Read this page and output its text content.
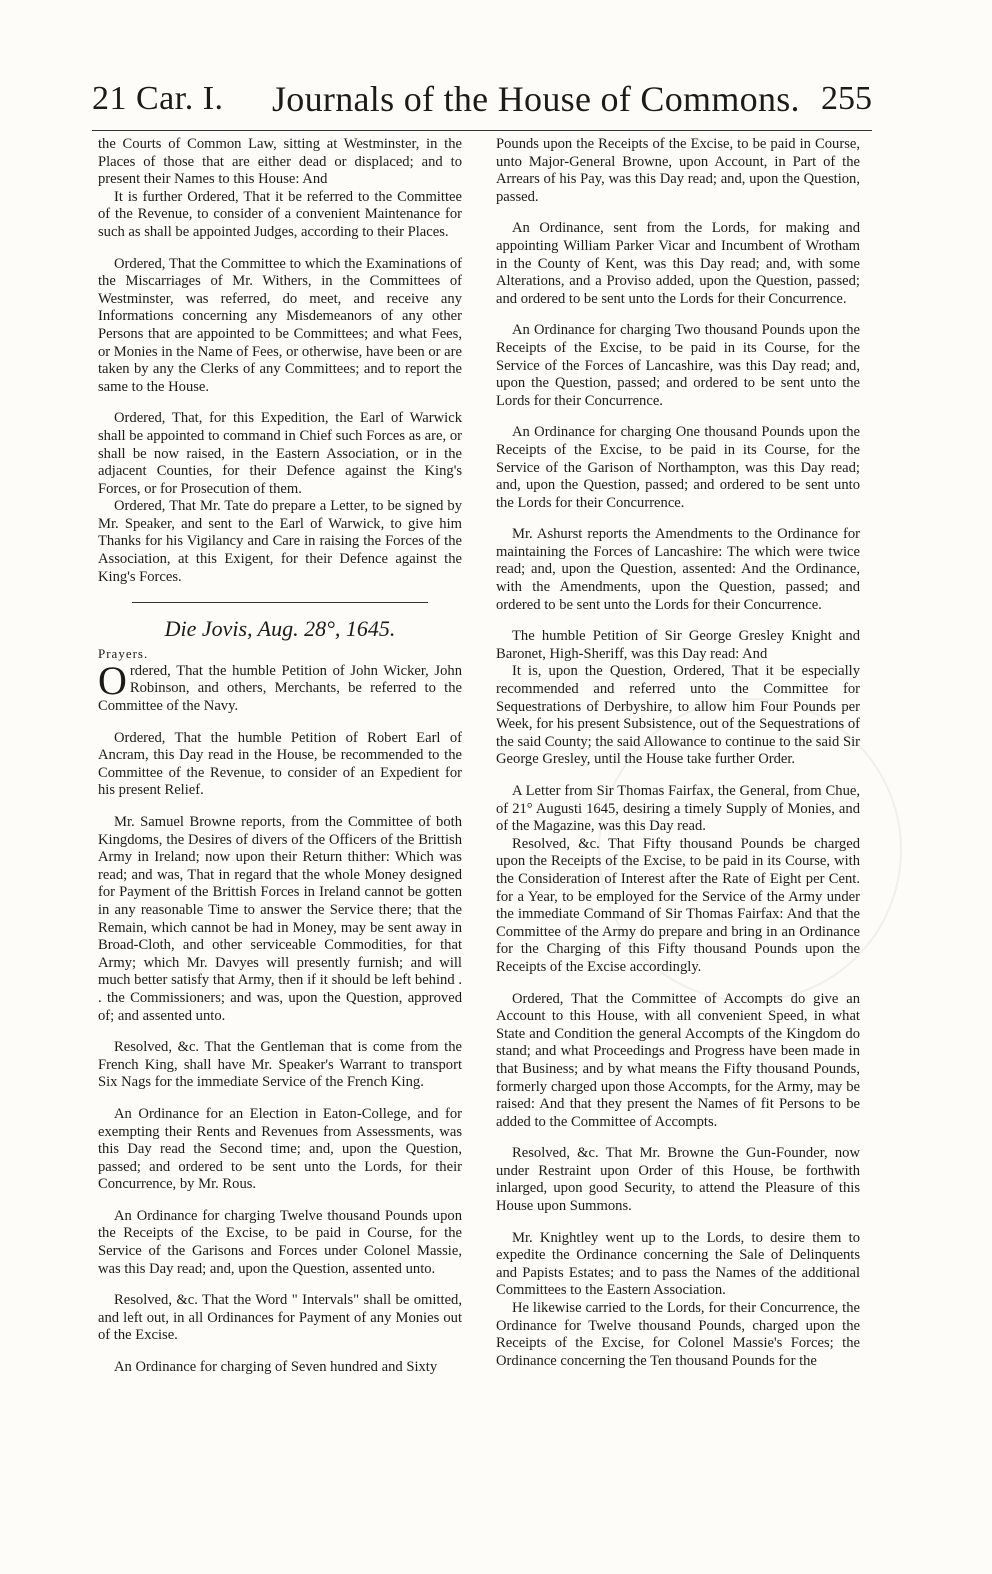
21 Car. I. Journals of the House of Commons. 255

the Courts of Common Law, sitting at Westminster, in the Places of those that are either dead or displaced; and to present their Names to this House: And

It is further Ordered, That it be referred to the Committee of the Revenue, to consider of a convenient Maintenance for such as shall be appointed Judges, according to their Places.

Ordered, That the Committee to which the Examinations of the Miscarriages of Mr. Withers, in the Committees of Westminster, was referred, do meet, and receive any Informations concerning any Misdemeanors of any other Persons that are appointed to be Committees; and what Fees, or Monies in the Name of Fees, or otherwise, have been or are taken by any the Clerks of any Committees; and to report the same to the House.

Ordered, That, for this Expedition, the Earl of Warwick shall be appointed to command in Chief such Forces as are, or shall be now raised, in the Eastern Association, or in the adjacent Counties, for their Defence against the King's Forces, or for Prosecution of them.

Ordered, That Mr. Tate do prepare a Letter, to be signed by Mr. Speaker, and sent to the Earl of Warwick, to give him Thanks for his Vigilancy and Care in raising the Forces of the Association, at this Exigent, for their Defence against the King's Forces.

Die Jovis, Aug. 28°, 1645.
Prayers.

Ordered, That the humble Petition of John Wicker, John Robinson, and others, Merchants, be referred to the Committee of the Navy.

Ordered, That the humble Petition of Robert Earl of Ancram, this Day read in the House, be recommended to the Committee of the Revenue, to consider of an Expedient for his present Relief.

Mr. Samuel Browne reports, from the Committee of both Kingdoms, the Desires of divers of the Officers of the Brittish Army in Ireland; now upon their Return thither: Which was read; and was, That in regard that the whole Money designed for Payment of the Brittish Forces in Ireland cannot be gotten in any reasonable Time to answer the Service there; that the Remain, which cannot be had in Money, may be sent away in Broad-Cloth, and other serviceable Commodities, for that Army; which Mr. Davyes will presently furnish; and will much better satisfy that Army, then if it should be left behind . . the Commissioners; and was, upon the Question, approved of; and assented unto.

Resolved, &c. That the Gentleman that is come from the French King, shall have Mr. Speaker's Warrant to transport Six Nags for the immediate Service of the French King.

An Ordinance for an Election in Eaton-College, and for exempting their Rents and Revenues from Assessments, was this Day read the Second time; and, upon the Question, passed; and ordered to be sent unto the Lords, for their Concurrence, by Mr. Rous.

An Ordinance for charging Twelve thousand Pounds upon the Receipts of the Excise, to be paid in Course, for the Service of the Garisons and Forces under Colonel Massie, was this Day read; and, upon the Question, assented unto.

Resolved, &c. That the Word " Intervals" shall be omitted, and left out, in all Ordinances for Payment of any Monies out of the Excise.

An Ordinance for charging of Seven hundred and Sixty

Pounds upon the Receipts of the Excise, to be paid in Course, unto Major-General Browne, upon Account, in Part of the Arrears of his Pay, was this Day read; and, upon the Question, passed.

An Ordinance, sent from the Lords, for making and appointing William Parker Vicar and Incumbent of Wrotham in the County of Kent, was this Day read; and, with some Alterations, and a Proviso added, upon the Question, passed; and ordered to be sent unto the Lords for their Concurrence.

An Ordinance for charging Two thousand Pounds upon the Receipts of the Excise, to be paid in its Course, for the Service of the Forces of Lancashire, was this Day read; and, upon the Question, passed; and ordered to be sent unto the Lords for their Concurrence.

An Ordinance for charging One thousand Pounds upon the Receipts of the Excise, to be paid in its Course, for the Service of the Garison of Northampton, was this Day read; and, upon the Question, passed; and ordered to be sent unto the Lords for their Concurrence.

Mr. Ashurst reports the Amendments to the Ordinance for maintaining the Forces of Lancashire: The which were twice read; and, upon the Question, assented: And the Ordinance, with the Amendments, upon the Question, passed; and ordered to be sent unto the Lords for their Concurrence.

The humble Petition of Sir George Gresley Knight and Baronet, High-Sheriff, was this Day read: And

It is, upon the Question, Ordered, That it be especially recommended and referred unto the Committee for Sequestrations of Derbyshire, to allow him Four Pounds per Week, for his present Subsistence, out of the Sequestrations of the said County; the said Allowance to continue to the said Sir George Gresley, until the House take further Order.

A Letter from Sir Thomas Fairfax, the General, from Chue, of 21° Augusti 1645, desiring a timely Supply of Monies, and of the Magazine, was this Day read.

Resolved, &c. That Fifty thousand Pounds be charged upon the Receipts of the Excise, to be paid in its Course, with the Consideration of Interest after the Rate of Eight per Cent. for a Year, to be employed for the Service of the Army under the immediate Command of Sir Thomas Fairfax: And that the Committee of the Army do prepare and bring in an Ordinance for the Charging of this Fifty thousand Pounds upon the Receipts of the Excise accordingly.

Ordered, That the Committee of Accompts do give an Account to this House, with all convenient Speed, in what State and Condition the general Accompts of the Kingdom do stand; and what Proceedings and Progress have been made in that Business; and by what means the Fifty thousand Pounds, formerly charged upon those Accompts, for the Army, may be raised: And that they present the Names of fit Persons to be added to the Committee of Accompts.

Resolved, &c. That Mr. Browne the Gun-Founder, now under Restraint upon Order of this House, be forthwith inlarged, upon good Security, to attend the Pleasure of this House upon Summons.

Mr. Knightley went up to the Lords, to desire them to expedite the Ordinance concerning the Sale of Delinquents and Papists Estates; and to pass the Names of the additional Committees to the Eastern Association.

He likewise carried to the Lords, for their Concurrence, the Ordinance for Twelve thousand Pounds, charged upon the Receipts of the Excise, for Colonel Massie's Forces; the Ordinance concerning the Ten thousand Pounds for the
